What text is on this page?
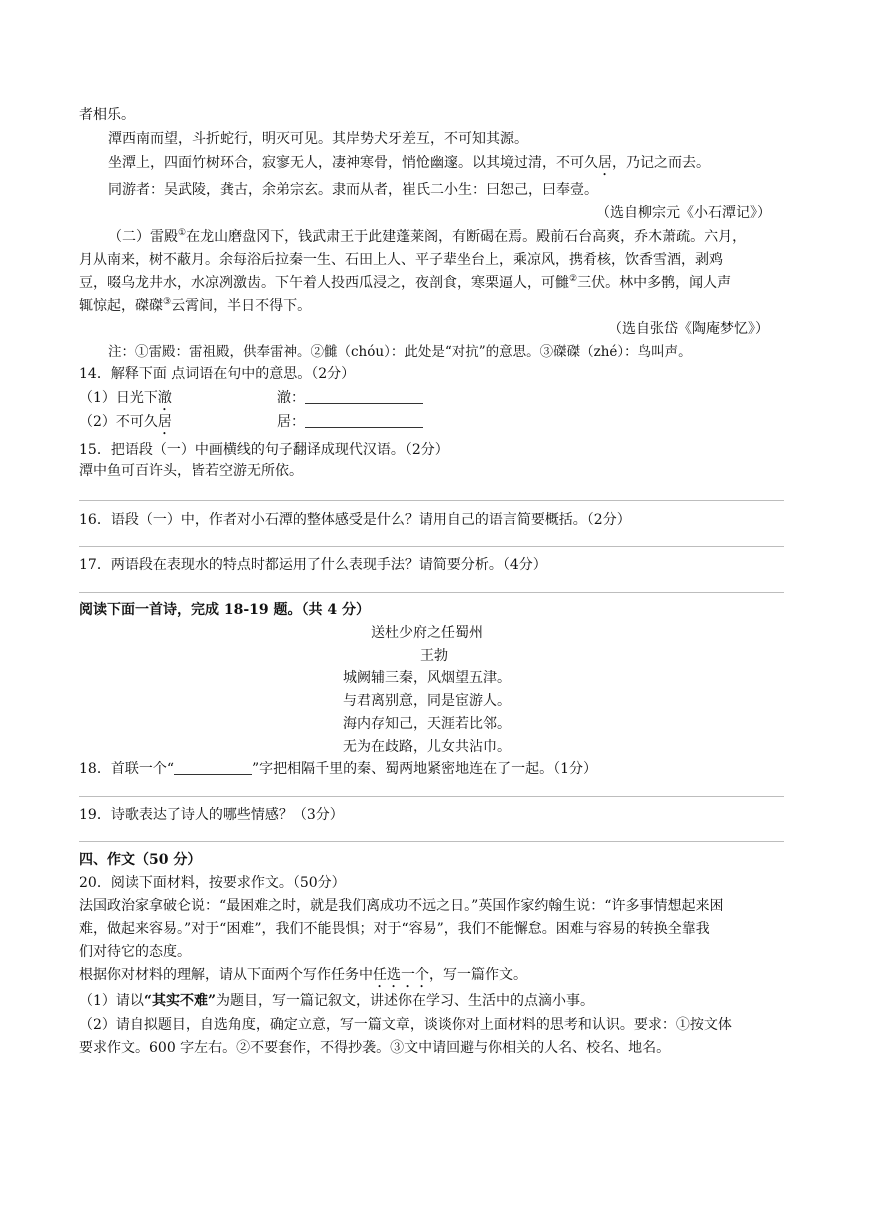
者相乐。
潭西南而望，斗折蛇行，明灭可见。其岸势犬牙差互，不可知其源。
坐潭上，四面竹树环合，寂寥无人，凄神寒骨，悄怆幽邃。以其境过清，不可久居，乃记之而去。
同游者：吴武陵，龚古，余弟宗玄。隶而从者，崔氏二小生：曰恕己，曰奉壹。
（选自柳宗元《小石潭记》）
（二）雷殿①在龙山磨盘冈下，钱武肃王于此建蓬莱阁，有断碣在焉。殿前石台高爽，乔木萧疏。六月，
月从南来，树不蔽月。余每浴后拉秦一生、石田上人、平子辈坐台上，乘凉风，携肴核，饮香雪酒，剥鸡
豆，啜乌龙井水，水凉冽激齿。下午着人投西瓜浸之，夜剖食，寒栗逼人，可雠②三伏。林中多鹘，闻人声
辄惊起，磔磔③云霄间，半日不得下。
（选自张岱《陶庵梦忆》）
注：①雷殿：雷祖殿，供奉雷神。②雠（chóu）：此处是“对抗”的意思。③磔磔（zhé）：鸟叫声。
14．解释下面 点词语在句中的意思。（2分）
（1）日光下澈	澈：
（2）不可久居	居：
15．把语段（一）中画横线的句子翻译成现代汉语。（2分）
潭中鱼可百许头，皆若空游无所依。
16．语段（一）中，作者对小石潭的整体感受是什么？请用自己的语言简要概括。（2分）
17．两语段在表现水的特点时都运用了什么表现手法？请简要分析。（4分）
阅读下面一首诗，完成 18-19 题。（共 4 分）
送杜少府之任蜀州
王勃
城阙辅三秦，风烟望五津。
与君离别意，同是宦游人。
海内存知己，天涯若比邻。
无为在歧路，儿女共沾巾。
18．首联一个“	”字把相隔千里的秦、蜀两地紧密地连在了一起。（1分）
19．诗歌表达了诗人的哪些情感？（3分）
四、作文（50 分）
20．阅读下面材料，按要求作文。（50分）
法国政治家拿破仑说：“最困难之时，就是我们离成功不远之日。”英国作家约翰生说：“许多事情想起来困
难，做起来容易。”对于“困难”，我们不能畏惧；对于“容易”，我们不能懈怠。困难与容易的转换全靠我
们对待它的态度。
根据你对材料的理解，请从下面两个写作任务中任选一个，写一篇作文。
（1）请以“其实不难”为题目，写一篇记叙文，讲述你在学习、生活中的点滴小事。
（2）请自拟题目，自选角度，确定立意，写一篇文章，谈谈你对上面材料的思考和认识。要求：①按文体
要求作文。600 字左右。②不要套作，不得抄袭。③文中请回避与你相关的人名、校名、地名。
